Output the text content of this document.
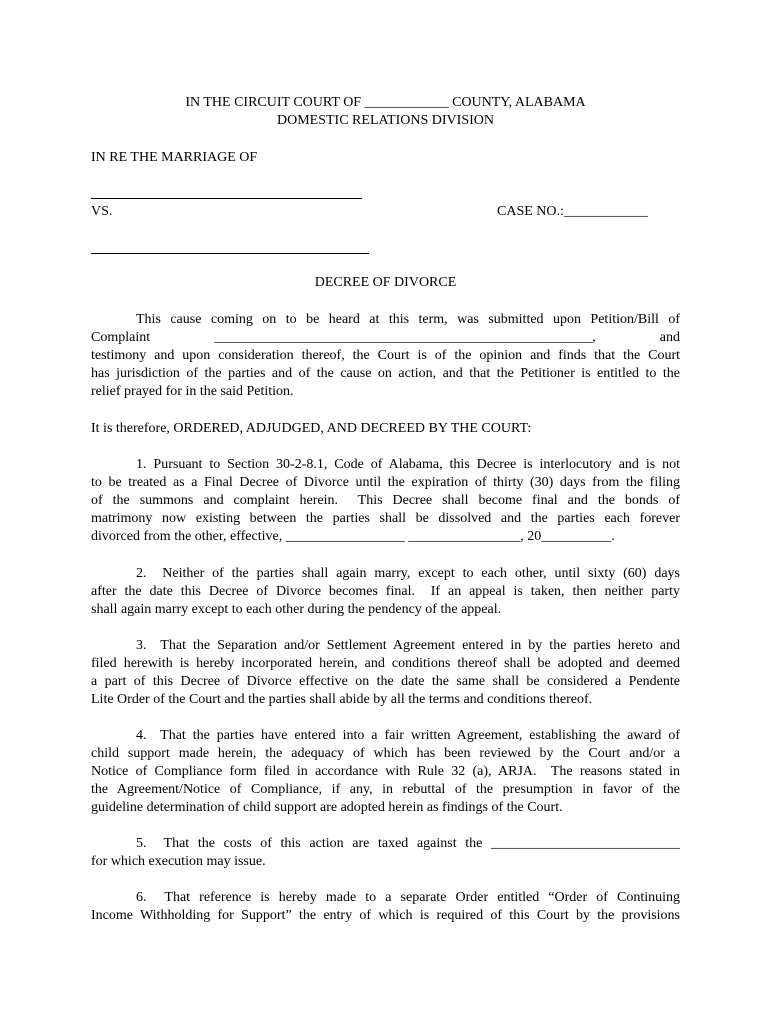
IN THE CIRCUIT COURT OF ____________ COUNTY, ALABAMA
DOMESTIC RELATIONS DIVISION
IN RE THE MARRIAGE OF
VS.	CASE NO.:____________
DECREE OF DIVORCE
This cause coming on to be heard at this term, was submitted upon Petition/Bill of
Complaint ______________________________________________________, and
testimony and upon consideration thereof, the Court is of the opinion and finds that the Court
has jurisdiction of the parties and of the cause on action, and that the Petitioner is entitled to the
relief prayed for in the said Petition.
It is therefore, ORDERED, ADJUDGED, AND DECREED BY THE COURT:
1. Pursuant to Section 30-2-8.1, Code of Alabama, this Decree is interlocutory and is not
to be treated as a Final Decree of Divorce until the expiration of thirty (30) days from the filing
of the summons and complaint herein.  This Decree shall become final and the bonds of
matrimony now existing between the parties shall be dissolved and the parties each forever
divorced from the other, effective, _________________ ________________, 20__________.
2.  Neither of the parties shall again marry, except to each other, until sixty (60) days
after the date this Decree of Divorce becomes final.  If an appeal is taken, then neither party
shall again marry except to each other during the pendency of the appeal.
3.  That the Separation and/or Settlement Agreement entered in by the parties hereto and
filed herewith is hereby incorporated herein, and conditions thereof shall be adopted and deemed
a part of this Decree of Divorce effective on the date the same shall be considered a Pendente
Lite Order of the Court and the parties shall abide by all the terms and conditions thereof.
4.  That the parties have entered into a fair written Agreement, establishing the award of
child support made herein, the adequacy of which has been reviewed by the Court and/or a
Notice of Compliance form filed in accordance with Rule 32 (a), ARJA.  The reasons stated in
the Agreement/Notice of Compliance, if any, in rebuttal of the presumption in favor of the
guideline determination of child support are adopted herein as findings of the Court.
5.  That the costs of this action are taxed against the ___________________________
for which execution may issue.
6.  That reference is hereby made to a separate Order entitled “Order of Continuing
Income Withholding for Support” the entry of which is required of this Court by the provisions
